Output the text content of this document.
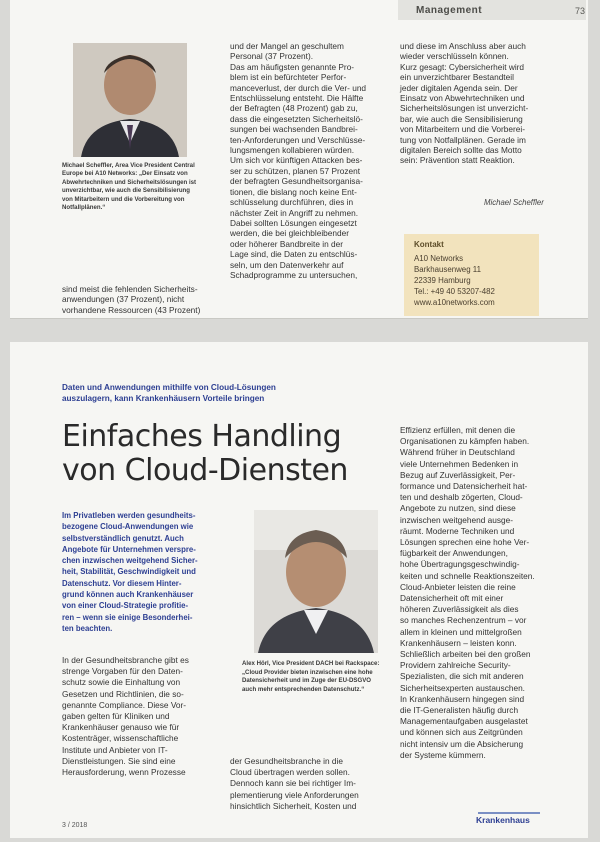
Management	73
Michael Scheffler, Area Vice President Central
Europe bei A10 Networks: „Der Einsatz von
Abwehrtechniken und Sicherheitslösungen ist
unverzichtbar, wie auch die Sensibilisierung
von Mitarbeitern und die Vorbereitung von
Notfallplänen.“

sind meist die fehlenden Sicherheits-

anwendungen (37 Prozent), nicht

vorhandene Ressourcen (43 Prozent)

und der Mangel an geschultem

Personal (37 Prozent).

Das am häufigsten genannte Pro-

blem ist ein befürchteter Perfor-

manceverlust, der durch die Ver- und

Entschlüsselung entsteht. Die Hälfte

der Befragten (48 Prozent) gab zu,

dass die eingesetzten Sicherheitslö-

sungen bei wachsenden Bandbrei-

ten-Anforderungen und Verschlüsse-

lungsmengen kollabieren würden.

Um sich vor künftigen Attacken bes-

ser zu schützen, planen 57 Prozent

der befragten Gesundheitsorganisa-

tionen, die bislang noch keine Ent-

schlüsselung durchführen, dies in

nächster Zeit in Angriff zu nehmen.

Dabei sollten Lösungen eingesetzt

werden, die bei gleichbleibender

oder höherer Bandbreite in der

Lage sind, die Daten zu entschlüs-

seln, um den Datenverkehr auf

Schadprogramme zu untersuchen,

und diese im Anschluss aber auch

wieder verschlüsseln können.

Kurz gesagt: Cybersicherheit wird

ein unverzichtbarer Bestandteil

jeder digitalen Agenda sein. Der

Einsatz von Abwehrtechniken und

Sicherheitslösungen ist unverzicht-

bar, wie auch die Sensibilisierung

von Mitarbeitern und die Vorberei-

tung von Notfallplänen. Gerade im

digitalen Bereich sollte das Motto

sein: Prävention statt Reaktion.

Michael Scheffler
Kontakt
A10 Networks
Barkhausenweg 11
22339 Hamburg
Tel.: +49 40 53207-482
www.a10networks.com
Daten und Anwendungen mithilfe von Cloud-Lösungen
auszulagern, kann Krankenhäusern Vorteile bringen
Einfaches Handling
von Cloud-Diensten
Im Privatleben werden gesundheits-
bezogene Cloud-Anwendungen wie
selbstverständlich genutzt. Auch
Angebote für Unternehmen verspre-
chen inzwischen weitgehend Sicher-
heit, Stabilität, Geschwindigkeit und
Datenschutz. Vor diesem Hinter-
grund können auch Krankenhäuser
von einer Cloud-Strategie profitie-
ren – wenn sie einige Besonderhei-
ten beachten.

In der Gesundheitsbranche gibt es

strenge Vorgaben für den Daten-

schutz sowie die Einhaltung von

Gesetzen und Richtlinien, die so-

genannte Compliance. Diese Vor-

gaben gelten für Kliniken und

Krankenhäuser genauso wie für

Kostenträger, wissenschaftliche

Institute und Anbieter von IT-

Dienstleistungen. Sie sind eine

Herausforderung, wenn Prozesse

Alex Hörl, Vice President DACH bei Rackspace:
„Cloud Provider bieten inzwischen eine hohe
Datensicherheit und im Zuge der EU-DSGVO
auch mehr entsprechenden Datenschutz.“

der Gesundheitsbranche in die

Cloud übertragen werden sollen.

Dennoch kann sie bei richtiger Im-

plementierung viele Anforderungen

hinsichtlich Sicherheit, Kosten und

Effizienz erfüllen, mit denen die

Organisationen zu kämpfen haben.

Während früher in Deutschland

viele Unternehmen Bedenken in

Bezug auf Zuverlässigkeit, Per-

formance und Datensicherheit hat-

ten und deshalb zögerten, Cloud-

Angebote zu nutzen, sind diese

inzwischen weitgehend ausge-

räumt. Moderne Techniken und

Lösungen sprechen eine hohe Ver-

fügbarkeit der Anwendungen,

hohe Übertragungsgeschwindig-

keiten und schnelle Reaktionszeiten.

Cloud-Anbieter leisten die reine

Datensicherheit oft mit einer

höheren Zuverlässigkeit als dies

so manches Rechenzentrum – vor

allem in kleinen und mittelgroßen

Krankenhäusern – leisten konn.

Schließlich arbeiten bei den großen

Providern zahlreiche Security-

Spezialisten, die sich mit anderen

Sicherheitsexperten austauschen.

In Krankenhäusern hingegen sind

die IT-Generalisten häufig durch

Managementaufgaben ausgelastet

und können sich aus Zeitgründen

nicht intensiv um die Absicherung

der Systeme kümmern.

3 / 2018
Krankenhaus
